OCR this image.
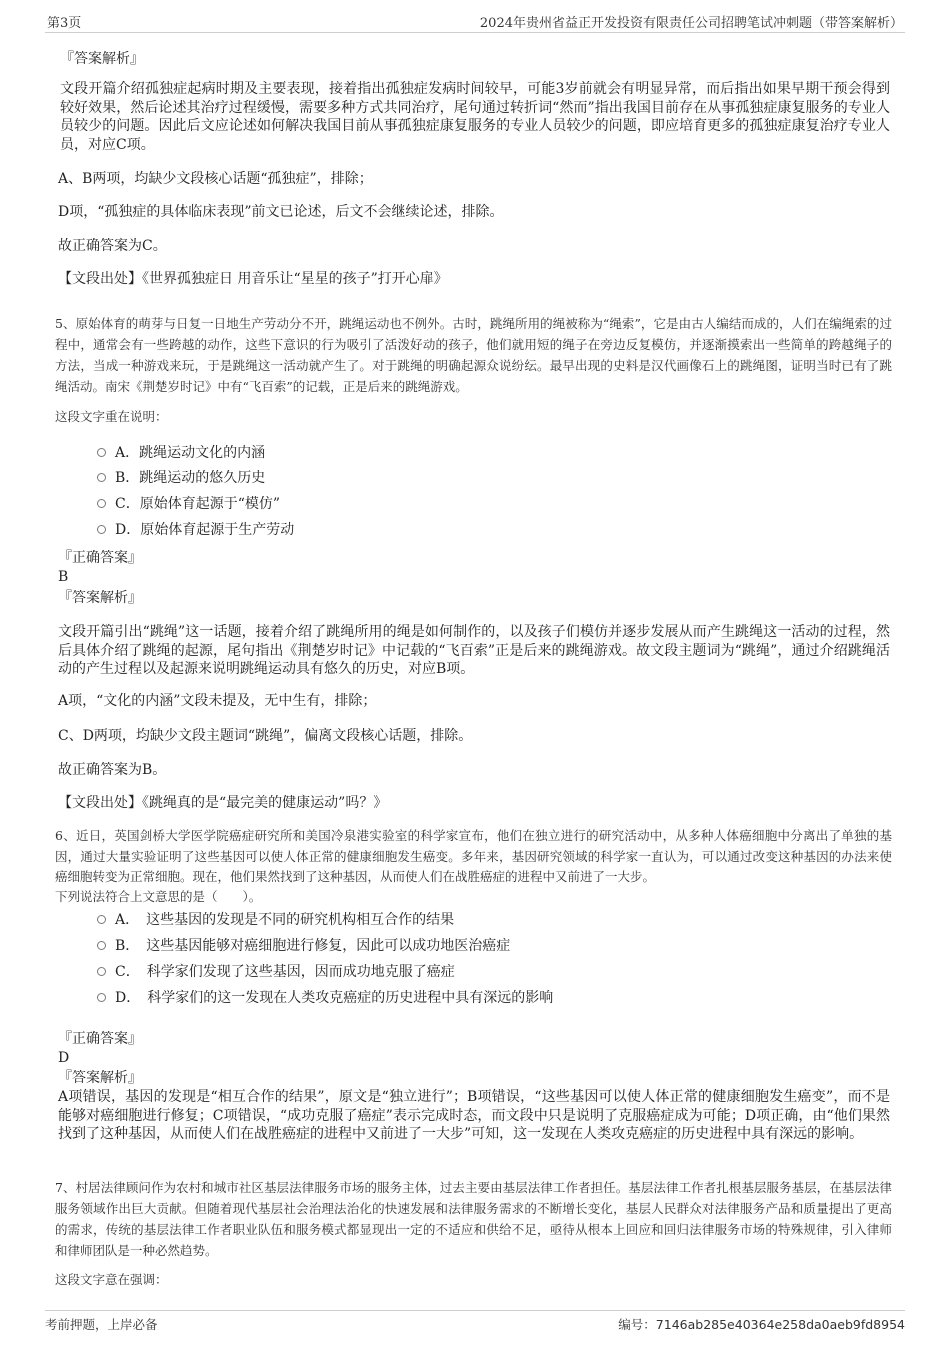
第3页	2024年贵州省益正开发投资有限责任公司招聘笔试冲刺题（带答案解析）
『答案解析』
文段开篇介绍孤独症起病时期及主要表现，接着指出孤独症发病时间较早，可能3岁前就会有明显异常，而后指出如果早期干预会得到较好效果，然后论述其治疗过程缓慢，需要多种方式共同治疗，尾句通过转折词“然而”指出我国目前存在从事孤独症康复服务的专业人员较少的问题。因此后文应论述如何解决我国目前从事孤独症康复服务的专业人员较少的问题，即应培育更多的孤独症康复治疗专业人员，对应C项。
A、B两项，均缺少文段核心话题“孤独症”，排除；
D项，“孤独症的具体临床表现”前文已论述，后文不会继续论述，排除。
故正确答案为C。
【文段出处】《世界孤独症日 用音乐让“星星的孩子”打开心扉》
5、原始体育的萌芽与日复一日地生产劳动分不开，跳绳运动也不例外。古时，跳绳所用的绳被称为“绳索”，它是由古人编结而成的，人们在编绳索的过程中，通常会有一些跨越的动作，这些下意识的行为吸引了活泼好动的孩子，他们就用短的绳子在旁边反复模仿，并逐渐摸索出一些简单的跨越绳子的方法，当成一种游戏来玩，于是跳绳这一活动就产生了。对于跳绳的明确起源众说纷纭。最早出现的史料是汉代画像石上的跳绳图，证明当时已有了跳绳活动。南宋《荆楚岁时记》中有“飞百索”的记载，正是后来的跳绳游戏。
这段文字重在说明：
A．跳绳运动文化的内涵
B．跳绳运动的悠久历史
C．原始体育起源于“模仿”
D．原始体育起源于生产劳动
『正确答案』
B
『答案解析』
文段开篇引出“跳绳”这一话题，接着介绍了跳绳所用的绳是如何制作的，以及孩子们模仿并逐步发展从而产生跳绳这一活动的过程，然后具体介绍了跳绳的起源，尾句指出《荆楚岁时记》中记载的“飞百索”正是后来的跳绳游戏。故文段主题词为“跳绳”，通过介绍跳绳活动的产生过程以及起源来说明跳绳运动具有悠久的历史，对应B项。
A项，“文化的内涵”文段未提及，无中生有，排除；
C、D两项，均缺少文段主题词“跳绳”，偏离文段核心话题，排除。
故正确答案为B。
【文段出处】《跳绳真的是“最完美的健康运动”吗？》
6、近日，英国剑桥大学医学院癌症研究所和美国冷泉港实验室的科学家宣布，他们在独立进行的研究活动中，从多种人体癌细胞中分离出了单独的基因，通过大量实验证明了这些基因可以使人体正常的健康细胞发生癌变。多年来，基因研究领域的科学家一直认为，可以通过改变这种基因的办法来使癌细胞转变为正常细胞。现在，他们果然找到了这种基因，从而使人们在战胜癌症的进程中又前进了一大步。
下列说法符合上文意思的是（　　）。
A．　这些基因的发现是不同的研究机构相互合作的结果
B．　这些基因能够对癌细胞进行修复，因此可以成功地医治癌症
C．　科学家们发现了这些基因，因而成功地克服了癌症
D．　科学家们的这一发现在人类攻克癌症的历史进程中具有深远的影响
『正确答案』
D
『答案解析』
A项错误，基因的发现是“相互合作的结果”，原文是“独立进行”；B项错误，“这些基因可以使人体正常的健康细胞发生癌变”，而不是能够对癌细胞进行修复；C项错误，“成功克服了癌症”表示完成时态，而文段中只是说明了克服癌症成为可能；D项正确，由“他们果然找到了这种基因，从而使人们在战胜癌症的进程中又前进了一大步”可知，这一发现在人类攻克癌症的历史进程中具有深远的影响。
7、村居法律顾问作为农村和城市社区基层法律服务市场的服务主体，过去主要由基层法律工作者担任。基层法律工作者扎根基层服务基层，在基层法律服务领域作出巨大贡献。但随着现代基层社会治理法治化的快速发展和法律服务需求的不断增长变化，基层人民群众对法律服务产品和质量提出了更高的需求，传统的基层法律工作者职业队伍和服务模式都显现出一定的不适应和供给不足，亟待从根本上回应和回归法律服务市场的特殊规律，引入律师和律师团队是一种必然趋势。
这段文字意在强调：
考前押题，上岸必备	编号：7146ab285e40364e258da0aeb9fd8954
